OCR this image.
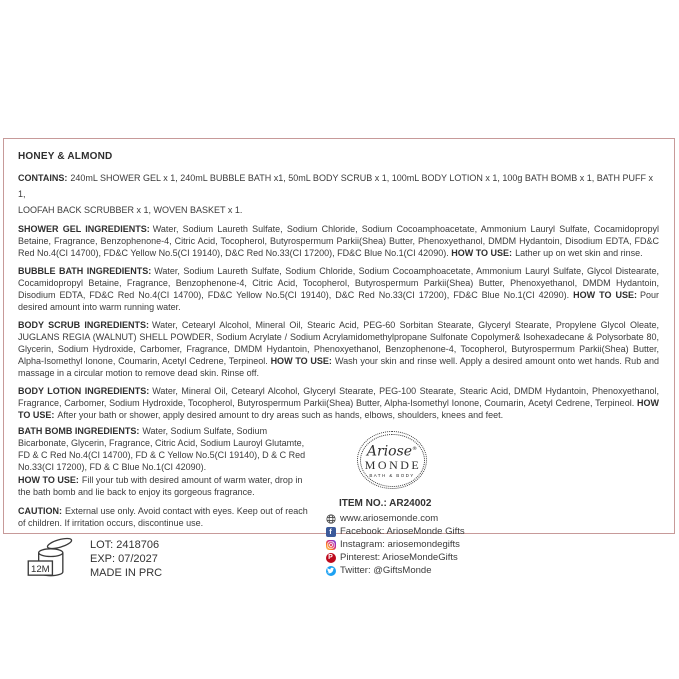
HONEY & ALMOND
CONTAINS: 240mL SHOWER GEL x 1, 240mL BUBBLE BATH x1, 50mL BODY SCRUB x 1, 100mL BODY LOTION x 1, 100g BATH BOMB x 1, BATH PUFF x 1,
LOOFAH BACK SCRUBBER x 1, WOVEN BASKET x 1.

SHOWER GEL INGREDIENTS: Water, Sodium Laureth Sulfate, Sodium Chloride, Sodium Cocoamphoacetate, Ammonium Lauryl Sulfate, Cocamidopropyl Betaine, Fragrance, Benzophenone-4, Citric Acid, Tocopherol, Butyrospermum Parkii(Shea) Butter, Phenoxyethanol, DMDM Hydantoin, Disodium EDTA, FD&C Red No.4(CI 14700), FD&C Yellow No.5(CI 19140), D&C Red No.33(CI 17200), FD&C Blue No.1(CI 42090). HOW TO USE: Lather up on wet skin and rinse.

BUBBLE BATH INGREDIENTS: Water, Sodium Laureth Sulfate, Sodium Chloride, Sodium Cocoamphoacetate, Ammonium Lauryl Sulfate, Glycol Distearate, Cocamidopropyl Betaine, Fragrance, Benzophenone-4, Citric Acid, Tocopherol, Butyrospermum Parkii(Shea) Butter, Phenoxyethanol, DMDM Hydantoin, Disodium EDTA, FD&C Red No.4(CI 14700), FD&C Yellow No.5(CI 19140), D&C Red No.33(CI 17200), FD&C Blue No.1(CI 42090). HOW TO USE: Pour desired amount into warm running water.

BODY SCRUB INGREDIENTS: Water, Cetearyl Alcohol, Mineral Oil, Stearic Acid, PEG-60 Sorbitan Stearate, Glyceryl Stearate, Propylene Glycol Oleate, JUGLANS REGIA (WALNUT) SHELL POWDER, Sodium Acrylate / Sodium Acrylamidomethylpropane Sulfonate Copolymer& Isohexadecane & Polysorbate 80, Glycerin, Sodium Hydroxide, Carbomer, Fragrance, DMDM Hydantoin, Phenoxyethanol, Benzophenone-4, Tocopherol, Butyrospermum Parkii(Shea) Butter, Alpha-Isomethyl Ionone, Coumarin, Acetyl Cedrene, Terpineol. HOW TO USE: Wash your skin and rinse well. Apply a desired amount onto wet hands. Rub and massage in a circular motion to remove dead skin. Rinse off.

BODY LOTION INGREDIENTS: Water, Mineral Oil, Cetearyl Alcohol, Glyceryl Stearate, PEG-100 Stearate, Stearic Acid, DMDM Hydantoin, Phenoxyethanol, Fragrance, Carbomer, Sodium Hydroxide, Tocopherol, Butyrospermum Parkii(Shea) Butter, Alpha-Isomethyl Ionone, Coumarin, Acetyl Cedrene, Terpineol. HOW TO USE: After your bath or shower, apply desired amount to dry areas such as hands, elbows, shoulders, knees and feet.

BATH BOMB INGREDIENTS: Water, Sodium Sulfate, Sodium Bicarbonate, Glycerin, Fragrance, Citric Acid, Sodium Lauroyl Glutamte, FD & C Red No.4(CI 14700), FD & C Yellow No.5(CI 19140), D & C Red No.33(CI 17200), FD & C Blue No.1(CI 42090).

HOW TO USE: Fill your tub with desired amount of warm water, drop in the bath bomb and lie back to enjoy its gorgeous fragrance.

CAUTION: External use only. Avoid contact with eyes. Keep out of reach of children. If irritation occurs, discontinue use.

12M
LOT: 2418706
EXP: 07/2027
MADE IN PRC
Ariose®
MONDE
BATH & BODY
ITEM NO.: AR24002
www.ariosemonde.com
f Facebook: ArioseMonde Gifts
Instagram: ariosemondegifts
P Pinterest: ArioseMondeGifts
Twitter: @GiftsMonde
